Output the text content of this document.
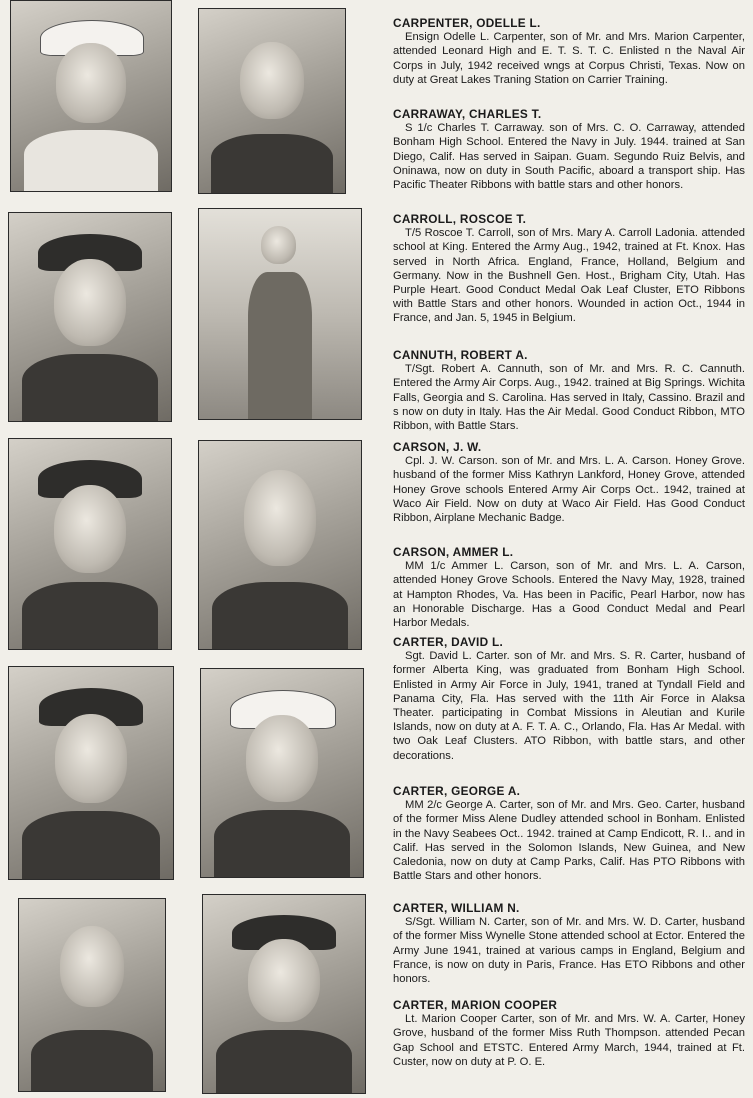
CARPENTER, ODELLE L.
Ensign Odelle L. Carpenter, son of Mr. and Mrs. Marion Carpenter, attended Leonard High and E. T. S. T. C. Enlisted n the Naval Air Corps in July, 1942 received wngs at Corpus Christi, Texas. Now on duty at Great Lakes Traning Station on Carrier Training.
CARRAWAY, CHARLES T.
S 1/c Charles T. Carraway. son of Mrs. C. O. Carraway, attended Bonham High School. Entered the Navy in July. 1944. trained at San Diego, Calif. Has served in Saipan. Guam. Segundo Ruiz Belvis, and Oninawa, now on duty in South Pacific, aboard a transport ship. Has Pacific Theater Ribbons with battle stars and other honors.
CARROLL, ROSCOE T.
T/5 Roscoe T. Carroll, son of Mrs. Mary A. Carroll Ladonia. attended school at King. Entered the Army Aug., 1942, trained at Ft. Knox. Has served in North Africa. England, France, Holland, Belgium and Germany. Now in the Bushnell Gen. Host., Brigham City, Utah. Has Purple Heart. Good Conduct Medal Oak Leaf Cluster, ETO Ribbons with Battle Stars and other honors. Wounded in action Oct., 1944 in France, and Jan. 5, 1945 in Belgium.
CANNUTH, ROBERT A.
T/Sgt. Robert A. Cannuth, son of Mr. and Mrs. R. C. Cannuth. Entered the Army Air Corps. Aug., 1942. trained at Big Springs. Wichita Falls, Georgia and S. Carolina. Has served in Italy, Cassino. Brazil and s now on duty in Italy. Has the Air Medal. Good Conduct Ribbon, MTO Ribbon, with Battle Stars.
CARSON, J. W.
Cpl. J. W. Carson. son of Mr. and Mrs. L. A. Carson. Honey Grove. husband of the former Miss Kathryn Lankford, Honey Grove, attended Honey Grove schools Entered Army Air Corps Oct.. 1942, trained at Waco Air Field. Now on duty at Waco Air Field. Has Good Conduct Ribbon, Airplane Mechanic Badge.
CARSON, AMMER L.
MM 1/c Ammer L. Carson, son of Mr. and Mrs. L. A. Carson, attended Honey Grove Schools. Entered the Navy May, 1928, trained at Hampton Rhodes, Va. Has been in Pacific, Pearl Harbor, now has an Honorable Discharge. Has a Good Conduct Medal and Pearl Harbor Medals.
CARTER, DAVID L.
Sgt. David L. Carter. son of Mr. and Mrs. S. R. Carter, husband of former Alberta King, was graduated from Bonham High School. Enlisted in Army Air Force in July, 1941, traned at Tyndall Field and Panama City, Fla. Has served with the 11th Air Force in Alaksa Theater. participating in Combat Missions in Aleutian and Kurile Islands, now on duty at A. F. T. A. C., Orlando, Fla. Has Ar Medal. with two Oak Leaf Clusters. ATO Ribbon, with battle stars, and other decorations.
CARTER, GEORGE A.
MM 2/c George A. Carter, son of Mr. and Mrs. Geo. Carter, husband of the former Miss Alene Dudley attended school in Bonham. Enlisted in the Navy Seabees Oct.. 1942. trained at Camp Endicott, R. I.. and in Calif. Has served in the Solomon Islands, New Guinea, and New Caledonia, now on duty at Camp Parks, Calif. Has PTO Ribbons with Battle Stars and other honors.
CARTER, WILLIAM N.
S/Sgt. William N. Carter, son of Mr. and Mrs. W. D. Carter, husband of the former Miss Wynelle Stone attended school at Ector. Entered the Army June 1941, trained at various camps in England, Belgium and France, is now on duty in Paris, France. Has ETO Ribbons and other honors.
CARTER, MARION COOPER
Lt. Marion Cooper Carter, son of Mr. and Mrs. W. A. Carter, Honey Grove, husband of the former Miss Ruth Thompson. attended Pecan Gap School and ETSTC. Entered Army March, 1944, trained at Ft. Custer, now on duty at P. O. E.
